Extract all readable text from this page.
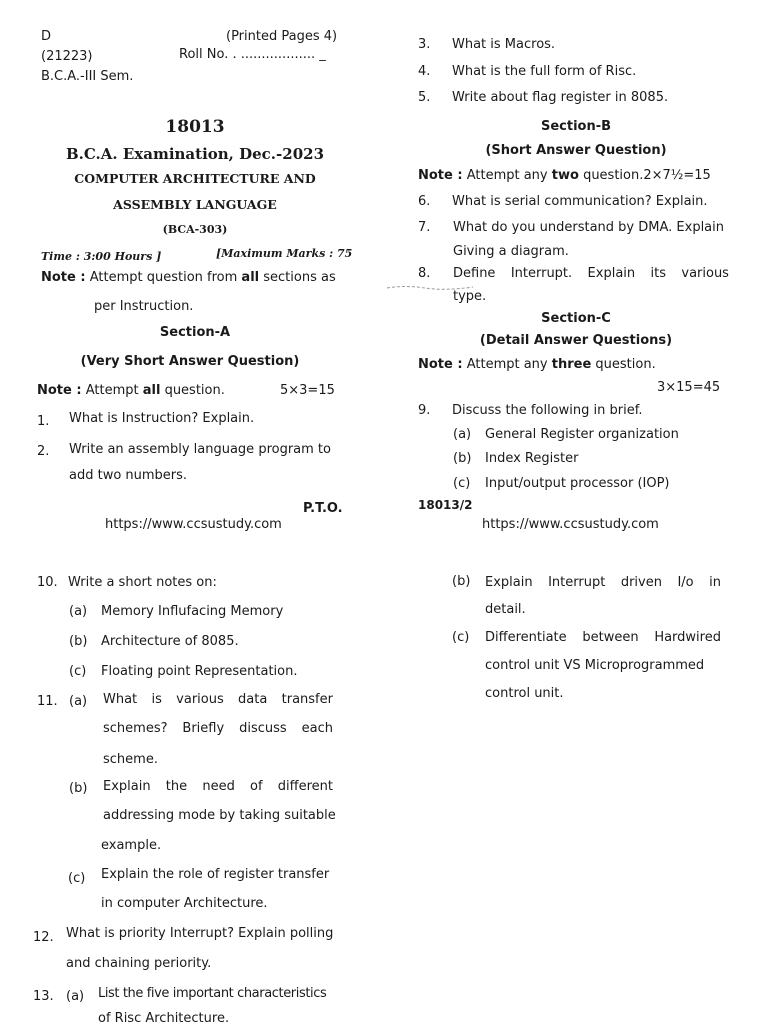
D	(Printed Pages 4)
(21223)	Roll No. . .................. _
B.C.A.-III Sem.
18013
B.C.A. Examination, Dec.-2023
COMPUTER ARCHITECTURE AND
ASSEMBLY LANGUAGE
(BCA-303)
Time : 3:00 Hours ]	[Maximum Marks : 75
Note : Attempt question from all sections as
per Instruction.
Section-A
(Very Short Answer Question)
Note : Attempt all question.	5×3=15
1. What is Instruction? Explain.
2. Write an assembly language program to
add two numbers.
P.T.O.
https://www.ccsustudy.com
3. What is Macros.
4. What is the full form of Risc.
5. Write about flag register in 8085.
Section-B
(Short Answer Question)
Note : Attempt any two question.2×7½=15
6. What is serial communication? Explain.
7. What do you understand by DMA. Explain
Giving a diagram.
8. Define Interrupt. Explain its various
type.
Section-C
(Detail Answer Questions)
Note : Attempt any three question.
3×15=45
9. Discuss the following in brief.
(a) General Register organization
(b) Index Register
(c) Input/output processor (IOP)
18013/2
https://www.ccsustudy.com
10. Write a short notes on:
(a) Memory Influfacing Memory
(b) Architecture of 8085.
(c) Floating point Representation.
11. (a) What is various data transfer
schemes? Briefly discuss each
scheme.
(b) Explain the need of different
addressing mode by taking suitable
example.
(c) Explain the role of register transfer
in computer Architecture.
12. What is priority Interrupt? Explain polling
and chaining periority.
13. (a) List the five important characteristics
of Risc Architecture.
(b) Explain Interrupt driven I/o in
detail.
(c) Differentiate between Hardwired
control unit VS Microprogrammed
control unit.
